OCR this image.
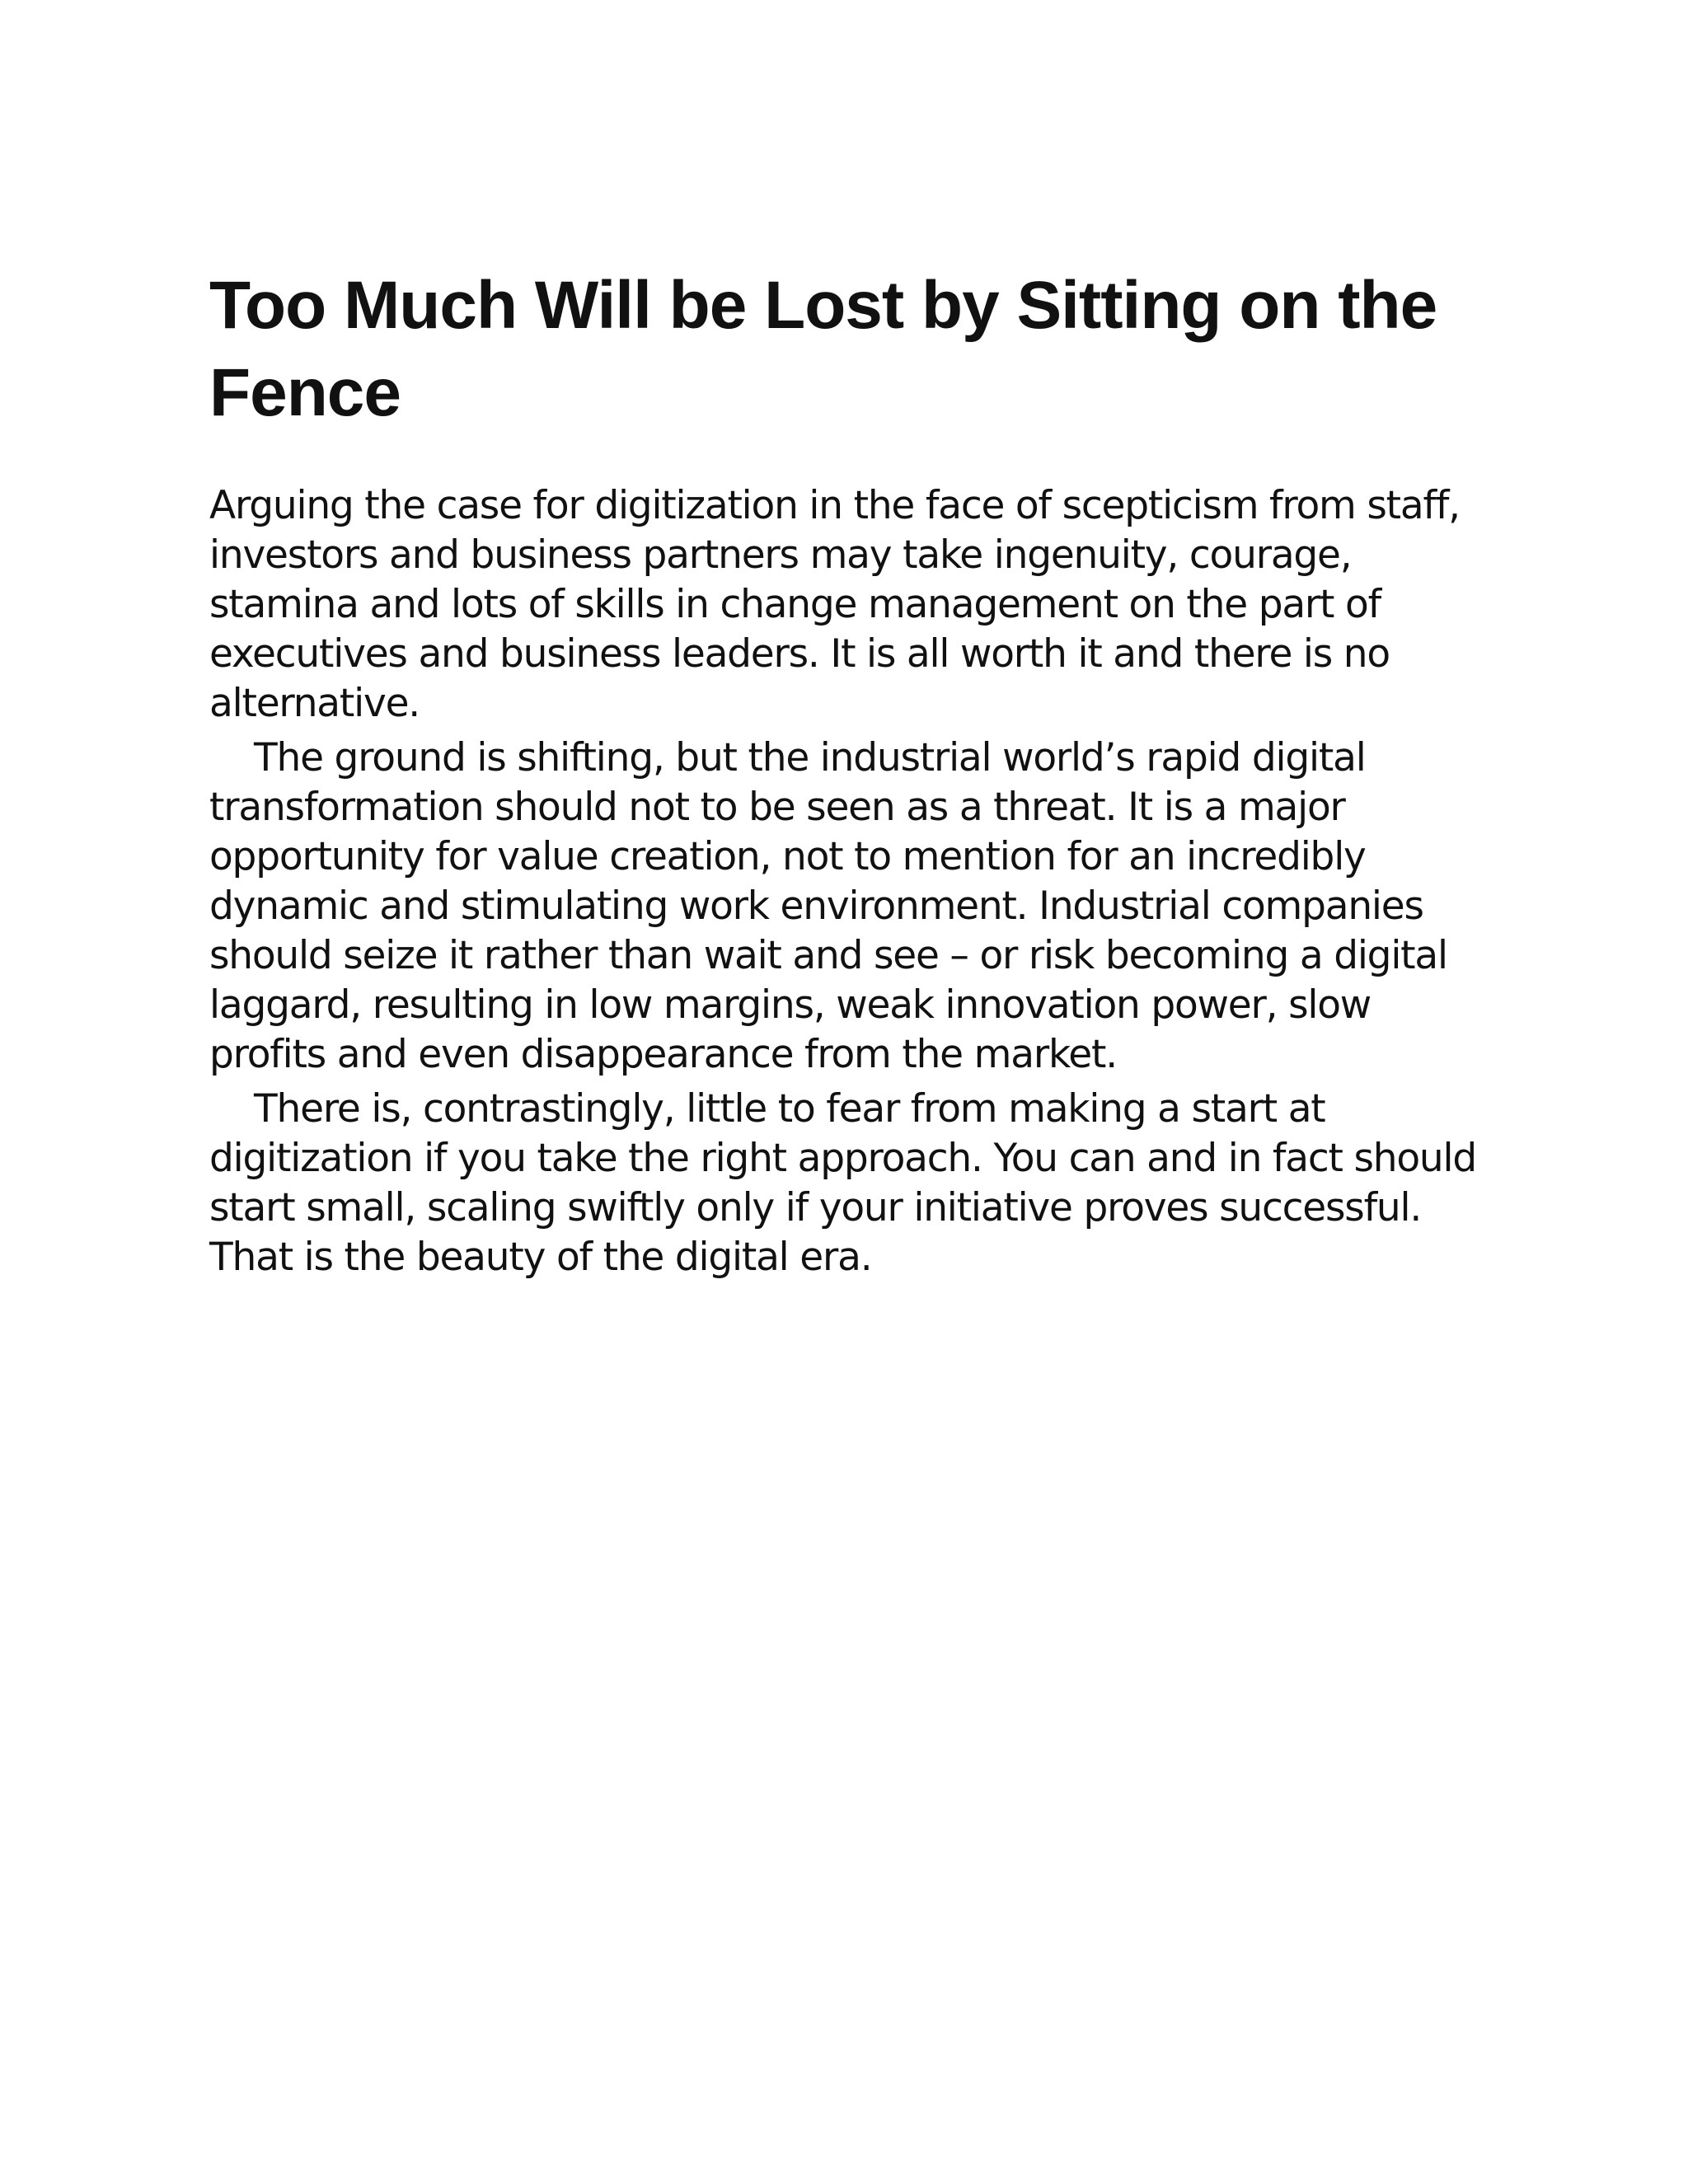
Too Much Will be Lost by Sitting on the Fence

Arguing the case for digitization in the face of scepticism from staff, investors and business partners may take ingenuity, courage, stamina and lots of skills in change management on the part of executives and business leaders. It is all worth it and there is no alternative.

The ground is shifting, but the industrial world’s rapid digital transformation should not to be seen as a threat. It is a major opportunity for value creation, not to mention for an incredibly dynamic and stimulating work environment. Industrial companies should seize it rather than wait and see – or risk becoming a digital laggard, resulting in low margins, weak innovation power, slow profits and even disappearance from the market.

There is, contrastingly, little to fear from making a start at digitization if you take the right approach. You can and in fact should start small, scaling swiftly only if your initiative proves successful. That is the beauty of the digital era.
